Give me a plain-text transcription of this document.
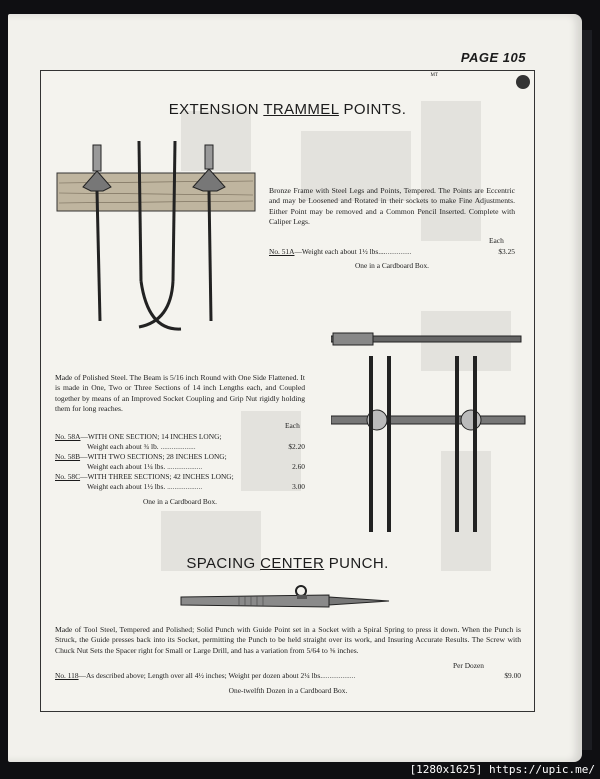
PAGE 105
MT
EXTENSION TRAMMEL POINTS.
Bronze Frame with Steel Legs and Points, Tempered. The Points are Eccentric and may be Loosened and Rotated in their sockets to make Fine Adjustments. Either Point may be removed and a Common Pencil Inserted. Complete with Caliper Legs.
Each
No. 51A—Weight each about 1½ lbs..................	$3.25
One in a Cardboard Box.
Made of Polished Steel. The Beam is 5/16 inch Round with One Side Flattened. It is made in One, Two or Three Sections of 14 inch Lengths each, and Coupled together by means of an Improved Socket Coupling and Grip Nut rigidly holding them for long reaches.
Each
No. 58A—WITH ONE SECTION; 14 INCHES LONG;
Weight each about ¾ lb. ...................	$2.20
No. 58B—WITH TWO SECTIONS; 28 INCHES LONG;
Weight each about 1¼ lbs. ...................	2.60
No. 58C—WITH THREE SECTIONS; 42 INCHES LONG;
Weight each about 1½ lbs. ...................	3.00
One in a Cardboard Box.
SPACING CENTER PUNCH.
Made of Tool Steel, Tempered and Polished; Solid Punch with Guide Point set in a Socket with a Spiral Spring to press it down. When the Punch is Struck, the Guide presses back into its Socket, permitting the Punch to be held straight over its work, and Insuring Accurate Results. The Screw with Chuck Nut Sets the Spacer right for Small or Large Drill, and has a variation from 5/64 to ⅝ inches.
Per Dozen
No. 118—As described above; Length over all 4½ inches; Weight per dozen about 2¼ lbs...................	$9.00
One-twelfth Dozen in a Cardboard Box.
[1280x1625] https://upic.me/
